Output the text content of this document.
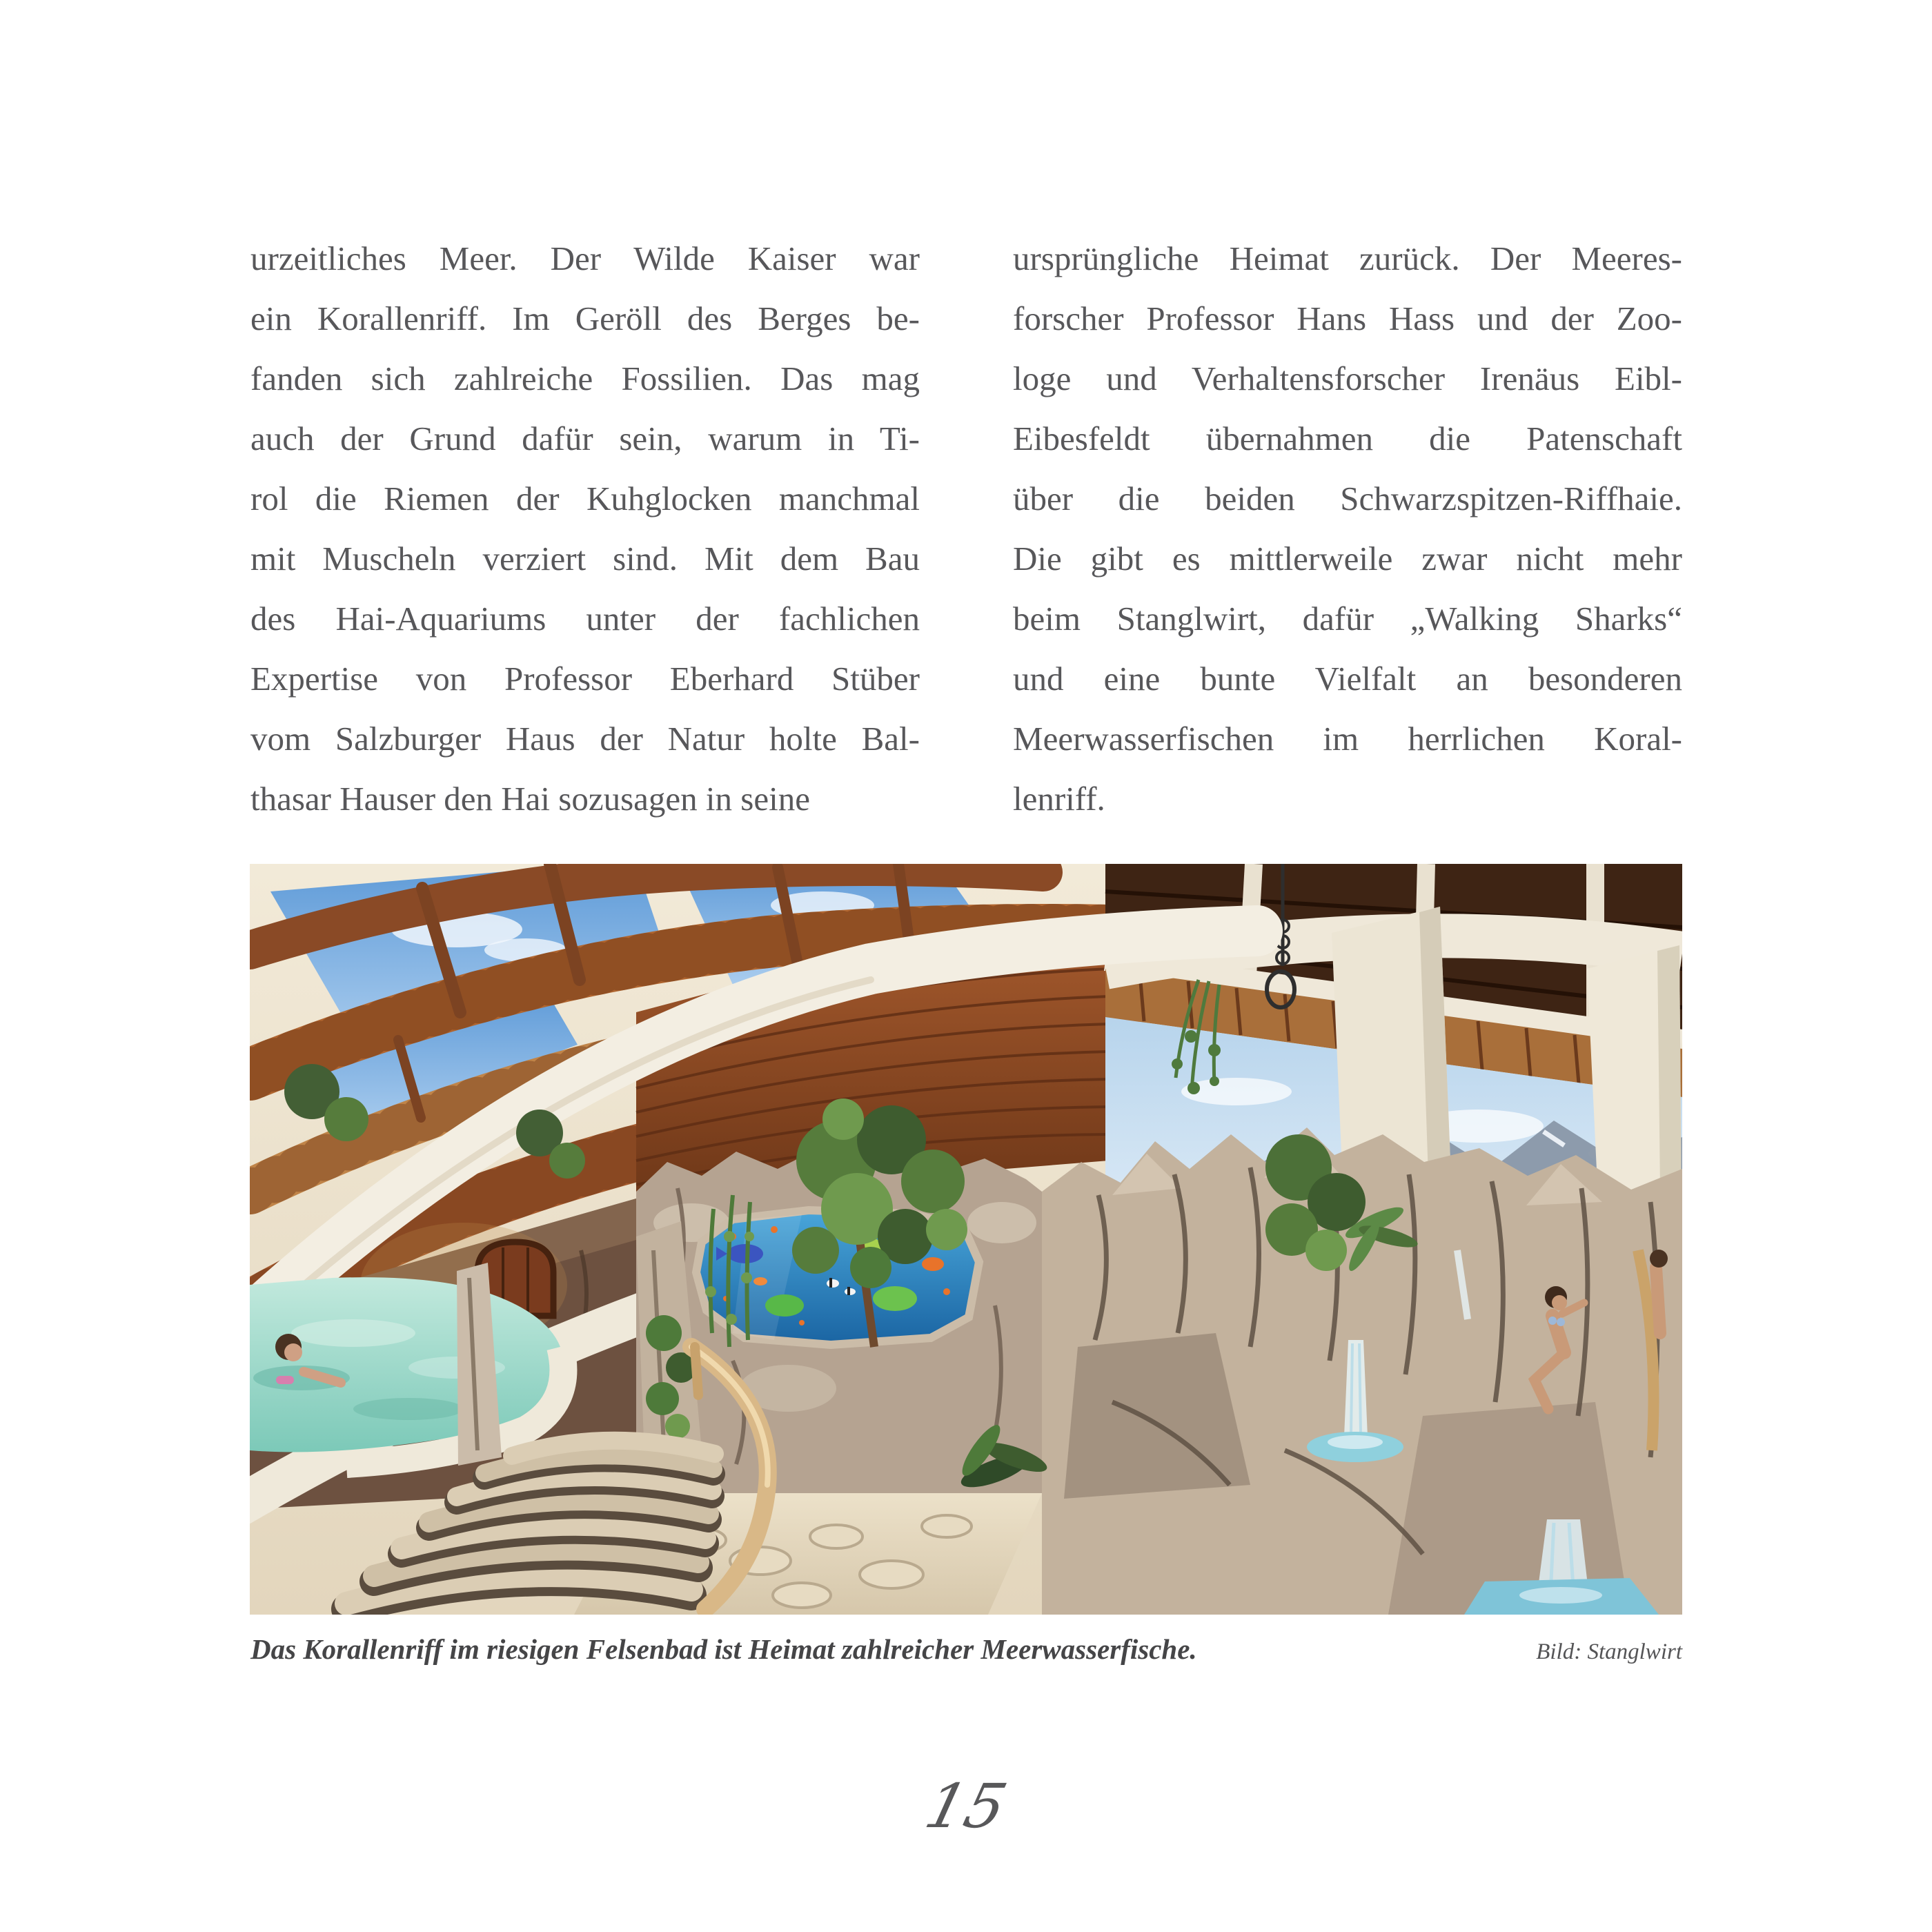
urzeitliches Meer. Der Wilde Kaiser war
ein Korallenriff. Im Geröll des Berges be-
fanden sich zahlreiche Fossilien. Das mag
auch der Grund dafür sein, warum in Ti-
rol die Riemen der Kuhglocken manchmal
mit Muscheln verziert sind. Mit dem Bau
des Hai-Aquariums unter der fachlichen
Expertise von Professor Eberhard Stüber
vom Salzburger Haus der Natur holte Bal-
thasar Hauser den Hai sozusagen in seine
ursprüngliche Heimat zurück. Der Meeres-
forscher Professor Hans Hass und der Zoo-
loge und Verhaltensforscher Irenäus Eibl-
Eibesfeldt übernahmen die Patenschaft
über die beiden Schwarzspitzen-Riffhaie.
Die gibt es mittlerweile zwar nicht mehr
beim Stanglwirt, dafür „Walking Sharks“
und eine bunte Vielfalt an besonderen
Meerwasserfischen im herrlichen Koral-
lenriff.
Das Korallenriff im riesigen Felsenbad ist Heimat zahlreicher Meerwasserfische.	Bild: Stanglwirt
15
